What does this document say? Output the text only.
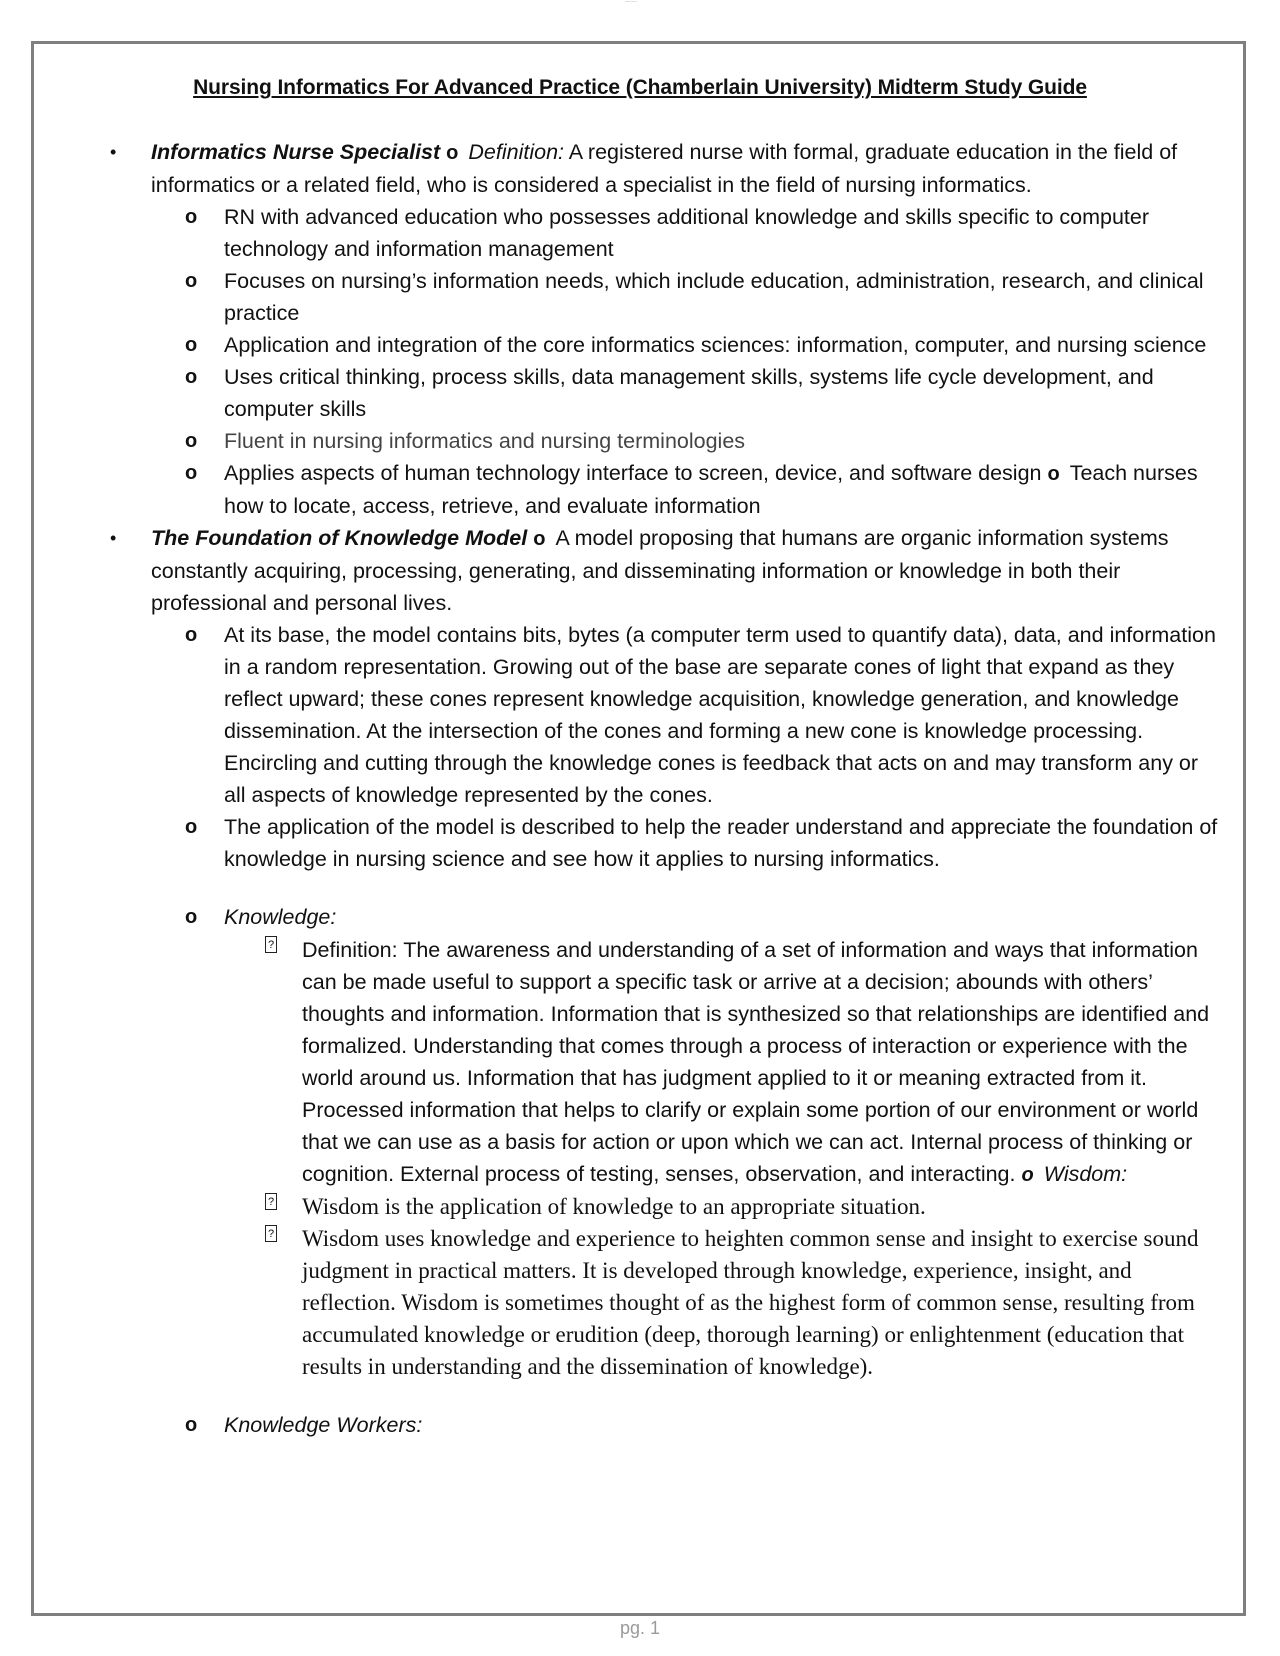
——
Nursing Informatics For Advanced Practice (Chamberlain University) Midterm Study Guide
•	Informatics Nurse Specialist o Definition: A registered nurse with formal, graduate education in the field of informatics or a related field, who is considered a specialist in the field of nursing informatics.
o RN with advanced education who possesses additional knowledge and skills specific to computer technology and information management
o Focuses on nursing’s information needs, which include education, administration, research, and clinical practice
o Application and integration of the core informatics sciences: information, computer, and nursing science
o Uses critical thinking, process skills, data management skills, systems life cycle development, and computer skills
o Fluent in nursing informatics and nursing terminologies
o Applies aspects of human technology interface to screen, device, and software design o Teach nurses how to locate, access, retrieve, and evaluate information
•	The Foundation of Knowledge Model o A model proposing that humans are organic information systems constantly acquiring, processing, generating, and disseminating information or knowledge in both their professional and personal lives.
o At its base, the model contains bits, bytes (a computer term used to quantify data), data, and information in a random representation. Growing out of the base are separate cones of light that expand as they reflect upward; these cones represent knowledge acquisition, knowledge generation, and knowledge dissemination. At the intersection of the cones and forming a new cone is knowledge processing. Encircling and cutting through the knowledge cones is feedback that acts on and may transform any or all aspects of knowledge represented by the cones.
o The application of the model is described to help the reader understand and appreciate the foundation of knowledge in nursing science and see how it applies to nursing informatics.
o Knowledge:
? Definition: The awareness and understanding of a set of information and ways that information can be made useful to support a specific task or arrive at a decision; abounds with others’ thoughts and information. Information that is synthesized so that relationships are identified and formalized. Understanding that comes through a process of interaction or experience with the world around us. Information that has judgment applied to it or meaning extracted from it. Processed information that helps to clarify or explain some portion of our environment or world that we can use as a basis for action or upon which we can act. Internal process of thinking or cognition. External process of testing, senses, observation, and interacting. o Wisdom:
? Wisdom is the application of knowledge to an appropriate situation.
? Wisdom uses knowledge and experience to heighten common sense and insight to exercise sound judgment in practical matters. It is developed through knowledge, experience, insight, and reflection. Wisdom is sometimes thought of as the highest form of common sense, resulting from accumulated knowledge or erudition (deep, thorough learning) or enlightenment (education that results in understanding and the dissemination of knowledge).
o Knowledge Workers:
pg. 1
